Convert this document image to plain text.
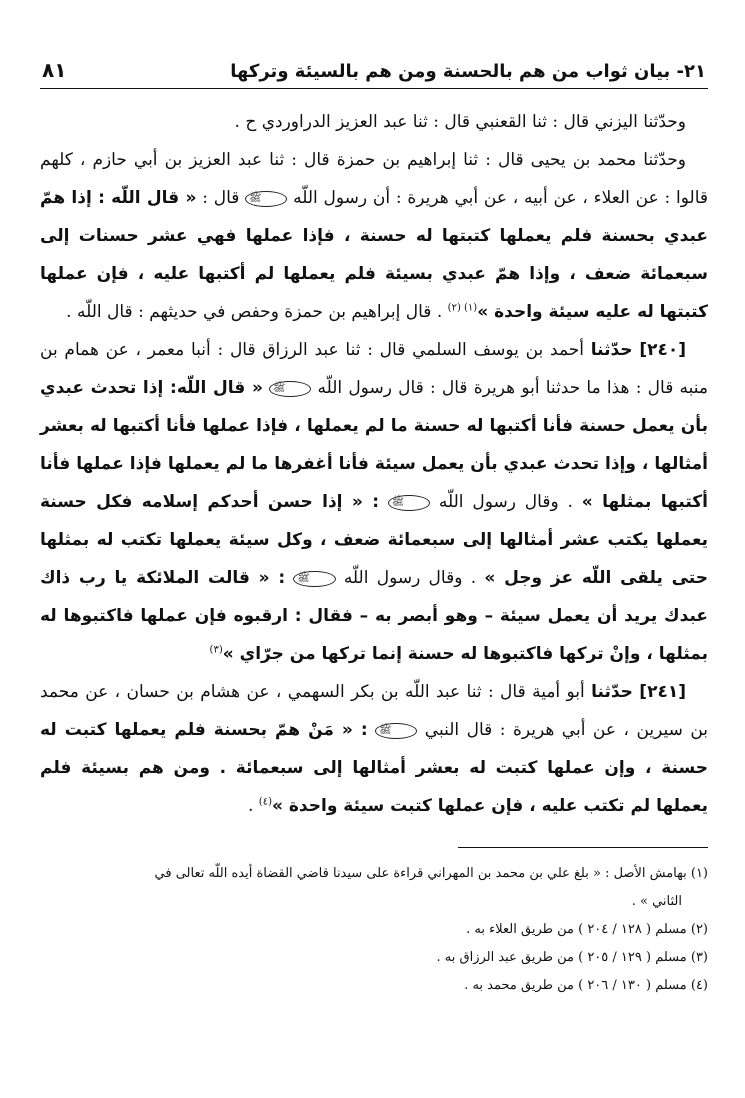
٢١- بيان ثواب من هم بالحسنة ومن هم بالسيئة وتركها
٨١

وحدّثنا اليزني قال : ثنا القعنبي قال : ثنا عبد العزيز الدراوردي ح .

وحدّثنا محمد بن يحيى قال : ثنا إبراهيم بن حمزة قال : ثنا عبد العزيز بن أبي حازم ، كلهم قالوا : عن العلاء ، عن أبيه ، عن أبي هريرة : أن رسول اللّه ﷺ قال : « قال اللّه : إذا همّ عبدي بحسنة فلم يعملها كتبتها له حسنة ، فإذا عملها فهي عشر حسنات إلى سبعمائة ضعف ، وإذا همّ عبدي بسيئة فلم يعملها لم أكتبها عليه ، فإن عملها كتبتها له عليه سيئة واحدة »$^{(١) (٢)}$ . قال إبراهيم بن حمزة وحفص في حديثهم : قال اللّه .

[٢٤٠] حدّثنا أحمد بن يوسف السلمي قال : ثنا عبد الرزاق قال : أنبا معمر ، عن همام بن منبه قال : هذا ما حدثنا أبو هريرة قال : قال رسول اللّه ﷺ « قال اللّه: إذا تحدث عبدي بأن يعمل حسنة فأنا أكتبها له حسنة ما لم يعملها ، فإذا عملها فأنا أكتبها له بعشر أمثالها ، وإذا تحدث عبدي بأن يعمل سيئة فأنا أغفرها ما لم يعملها فإذا عملها فأنا أكتبها بمثلها » . وقال رسول اللّه ﷺ : « إذا حسن أحدكم إسلامه فكل حسنة يعملها يكتب عشر أمثالها إلى سبعمائة ضعف ، وكل سيئة يعملها تكتب له بمثلها حتى يلقى اللّه عز وجل » . وقال رسول اللّه ﷺ : « قالت الملائكة يا رب ذاك عبدك يريد أن يعمل سيئة – وهو أبصر به – فقال : ارقبوه فإن عملها فاكتبوها له بمثلها ، وإنْ تركها فاكتبوها له حسنة إنما تركها من جرّاي »$^{(٣)}$

[٢٤١] حدّثنا أبو أمية قال : ثنا عبد اللّه بن بكر السهمي ، عن هشام بن حسان ، عن محمد بن سيرين ، عن أبي هريرة : قال النبي ﷺ : « مَنْ همّ بحسنة فلم يعملها كتبت له حسنة ، وإن عملها كتبت له بعشر أمثالها إلى سبعمائة . ومن هم بسيئة فلم يعملها لم تكتب عليه ، فإن عملها كتبت سيئة واحدة »$^{(٤)}$ .

(١) بهامش الأصل : « بلغ علي بن محمد بن المهراني قراءة على سيدنا قاضي القضاة أيده اللّه تعالى في

الثاني » .

(٢) مسلم ( ١٢٨ / ٢٠٤ ) من طريق العلاء به .

(٣) مسلم ( ١٢٩ / ٢٠٥ ) من طريق عبد الرزاق به .

(٤) مسلم ( ١٣٠ / ٢٠٦ ) من طريق محمد به .
